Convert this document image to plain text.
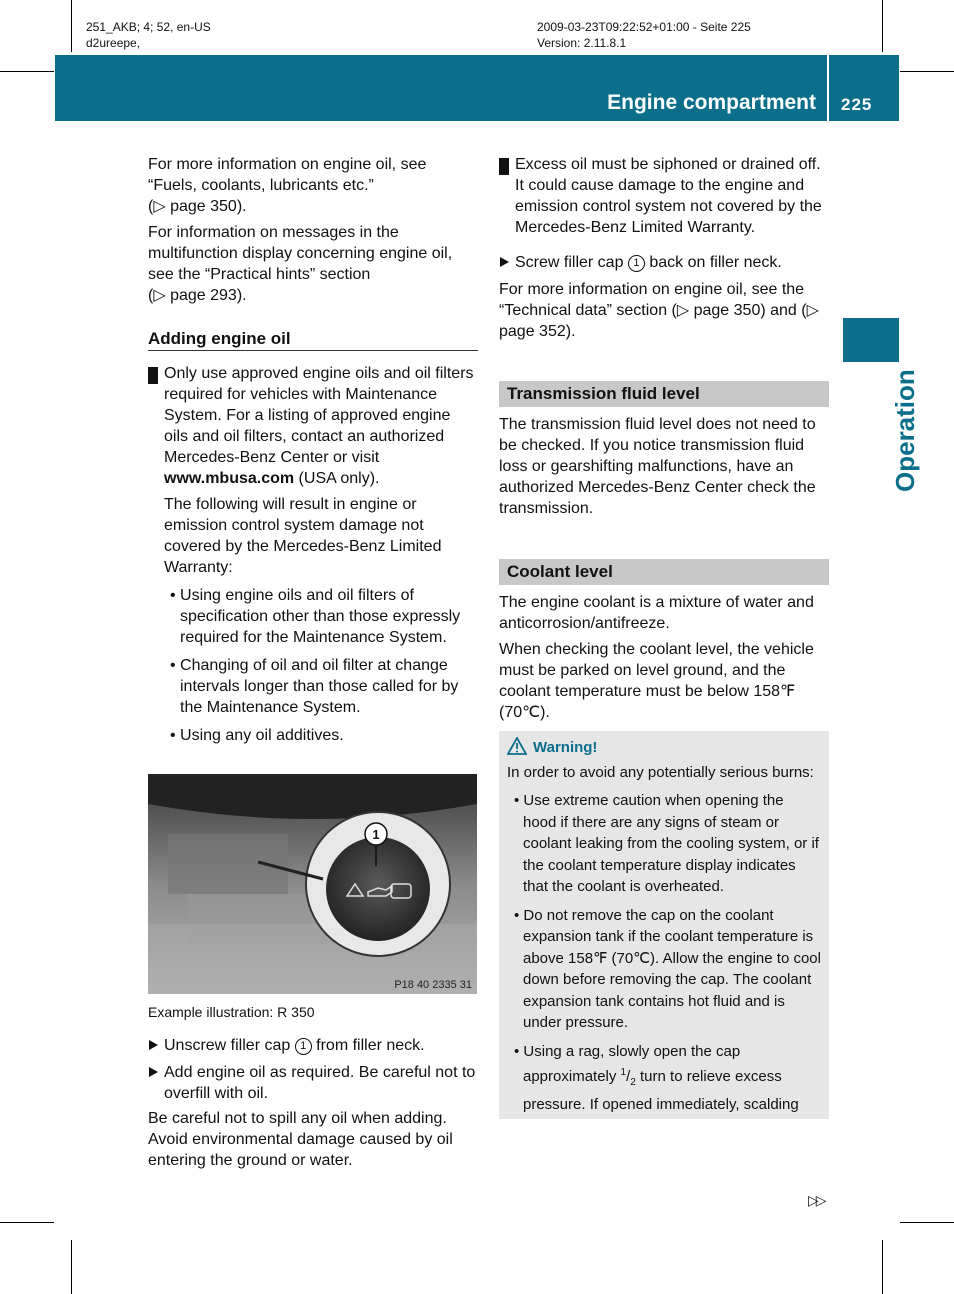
251_AKB; 4; 52, en-US
d2ureepe,
2009-03-23T09:22:52+01:00 - Seite 225
Version: 2.11.8.1
Engine compartment 225
Operation

For more information on engine oil, see
“Fuels, coolants, lubricants etc.”
(▷ page 350).

For information on messages in the multifunction display concerning engine oil, see the “Practical hints” section
(▷ page 293).

Adding engine oil

! Only use approved engine oils and oil filters required for vehicles with Maintenance System. For a listing of approved engine oils and oil filters, contact an authorized Mercedes-Benz Center or visit www.mbusa.com (USA only).

The following will result in engine or emission control system damage not covered by the Mercedes-Benz Limited Warranty:

• Using engine oils and oil filters of specification other than those expressly required for the Maintenance System.

• Changing of oil and oil filter at change intervals longer than those called for by the Maintenance System.

• Using any oil additives.

1
P18 40 2335 31
Example illustration: R 350

Unscrew filler cap 1 from filler neck.

Add engine oil as required. Be careful not to overfill with oil.

Be careful not to spill any oil when adding. Avoid environmental damage caused by oil entering the ground or water.

! Excess oil must be siphoned or drained off. It could cause damage to the engine and emission control system not covered by the Mercedes-Benz Limited Warranty.

Screw filler cap 1 back on filler neck.

For more information on engine oil, see the “Technical data” section (▷ page 350) and (▷ page 352).

Transmission fluid level

The transmission fluid level does not need to be checked. If you notice transmission fluid loss or gearshifting malfunctions, have an authorized Mercedes-Benz Center check the transmission.

Coolant level

The engine coolant is a mixture of water and anticorrosion/antifreeze.

When checking the coolant level, the vehicle must be parked on level ground, and the coolant temperature must be below 158℉ (70℃).

Warning!

In order to avoid any potentially serious burns:

• Use extreme caution when opening the hood if there are any signs of steam or coolant leaking from the cooling system, or if the coolant temperature display indicates that the coolant is overheated.

• Do not remove the cap on the coolant expansion tank if the coolant temperature is above 158℉ (70℃). Allow the engine to cool down before removing the cap. The coolant expansion tank contains hot fluid and is under pressure.

• Using a rag, slowly open the cap approximately $^1/_2$ turn to relieve excess pressure. If opened immediately, scalding

▷▷
